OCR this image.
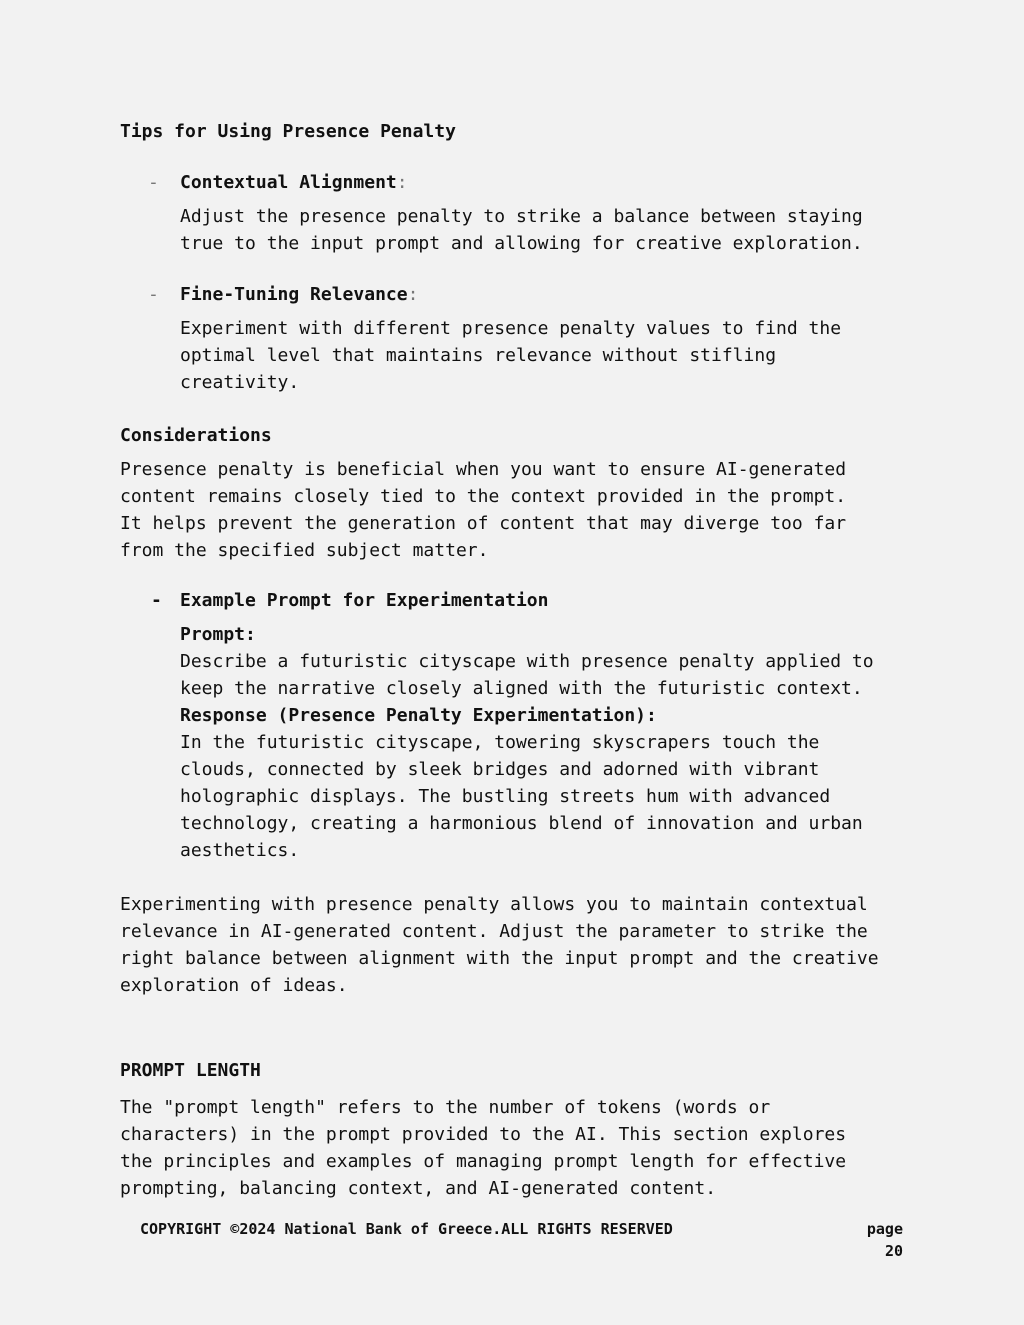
Tips for Using Presence Penalty
- Contextual Alignment:
Adjust the presence penalty to strike a balance between staying
true to the input prompt and allowing for creative exploration.
- Fine-Tuning Relevance:
Experiment with different presence penalty values to find the
optimal level that maintains relevance without stifling
creativity.
Considerations
Presence penalty is beneficial when you want to ensure AI-generated
content remains closely tied to the context provided in the prompt.
It helps prevent the generation of content that may diverge too far
from the specified subject matter.
- Example Prompt for Experimentation
Prompt:
Describe a futuristic cityscape with presence penalty applied to
keep the narrative closely aligned with the futuristic context.
Response (Presence Penalty Experimentation):
In the futuristic cityscape, towering skyscrapers touch the
clouds, connected by sleek bridges and adorned with vibrant
holographic displays. The bustling streets hum with advanced
technology, creating a harmonious blend of innovation and urban
aesthetics.
Experimenting with presence penalty allows you to maintain contextual
relevance in AI-generated content. Adjust the parameter to strike the
right balance between alignment with the input prompt and the creative
exploration of ideas.
PROMPT LENGTH
The "prompt length" refers to the number of tokens (words or
characters) in the prompt provided to the AI. This section explores
the principles and examples of managing prompt length for effective
prompting, balancing context, and AI-generated content.
COPYRIGHT ©2024 National Bank of Greece.ALL RIGHTS RESERVED	page
20
